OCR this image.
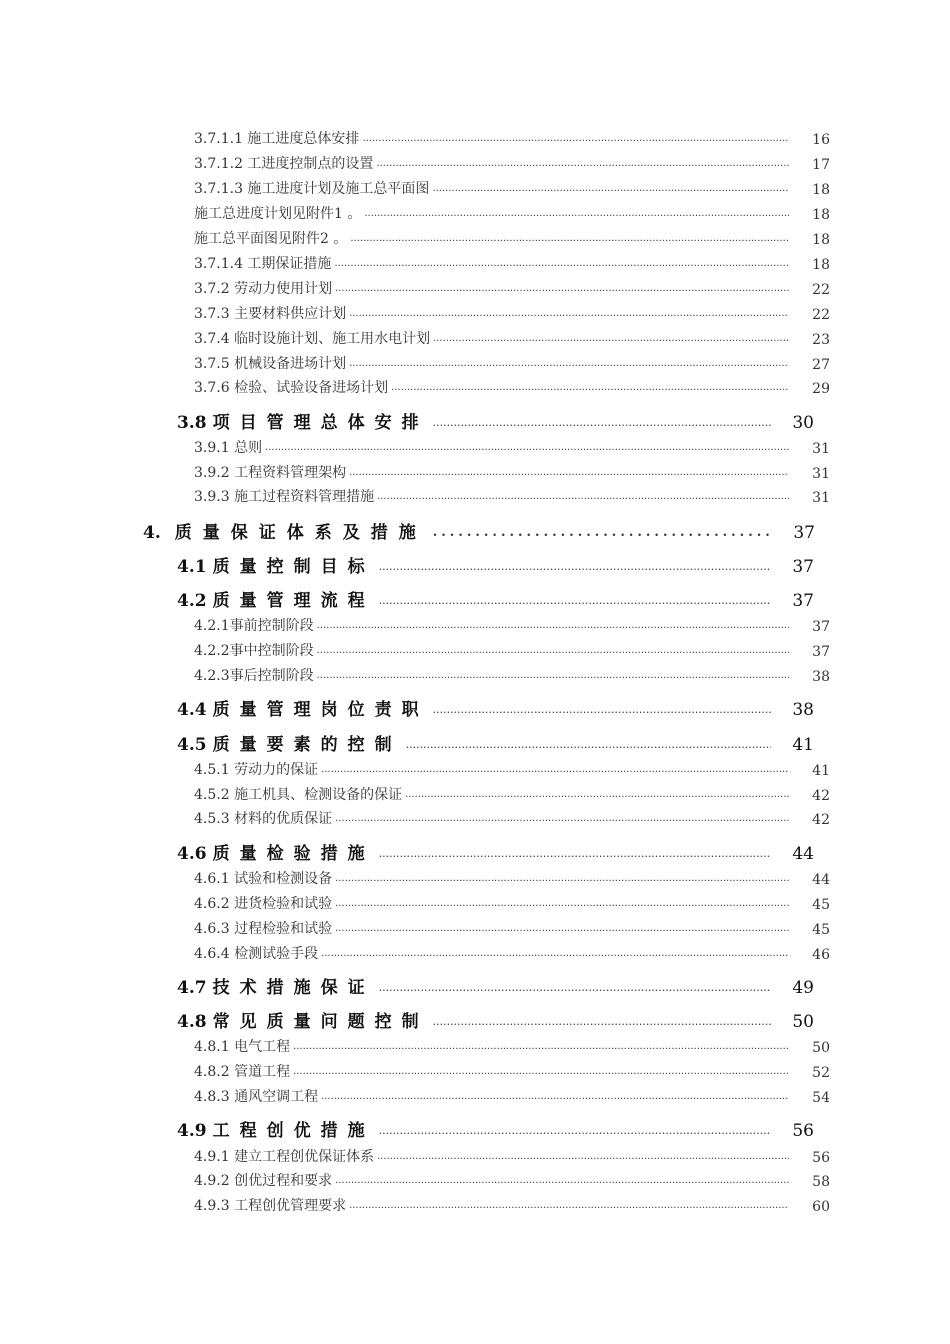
3.7.1.1 施工进度总体安排 .....	16
3.7.1.2 工进度控制点的设置 .....	17
3.7.1.3 施工进度计划及施工总平面图 .....	18
施工总进度计划见附件1 。 .....	18
施工总平面图见附件2 。 .....	18
3.7.1.4 工期保证措施 .....	18
3.7.2 劳动力使用计划 .....	22
3.7.3 主要材料供应计划 .....	22
3.7.4 临时设施计划、施工用水电计划 .....	23
3.7.5 机械设备进场计划 .....	27
3.7.6 检验、试验设备进场计划 .....	29
3.8 项目管理总体安排 .....	30
3.9.1 总则 .....	31
3.9.2 工程资料管理架构 .....	31
3.9.3 施工过程资料管理措施 .....	31
4. 质量保证体系及措施 .....	37
4.1 质量控制目标 .....	37
4.2 质量管理流程 .....	37
4.2.1事前控制阶段 .....	37
4.2.2事中控制阶段 .....	37
4.2.3事后控制阶段 .....	38
4.4 质量管理岗位责职 .....	38
4.5 质量要素的控制 .....	41
4.5.1 劳动力的保证 .....	41
4.5.2 施工机具、检测设备的保证 .....	42
4.5.3 材料的优质保证 .....	42
4.6 质量检验措施 .....	44
4.6.1 试验和检测设备 .....	44
4.6.2 进货检验和试验 .....	45
4.6.3 过程检验和试验 .....	45
4.6.4 检测试验手段 .....	46
4.7 技术措施保证 .....	49
4.8 常见质量问题控制 .....	50
4.8.1 电气工程 .....	50
4.8.2 管道工程 .....	52
4.8.3 通风空调工程 .....	54
4.9 工程创优措施 .....	56
4.9.1 建立工程创优保证体系 .....	56
4.9.2 创优过程和要求 .....	58
4.9.3 工程创优管理要求 .....	60
